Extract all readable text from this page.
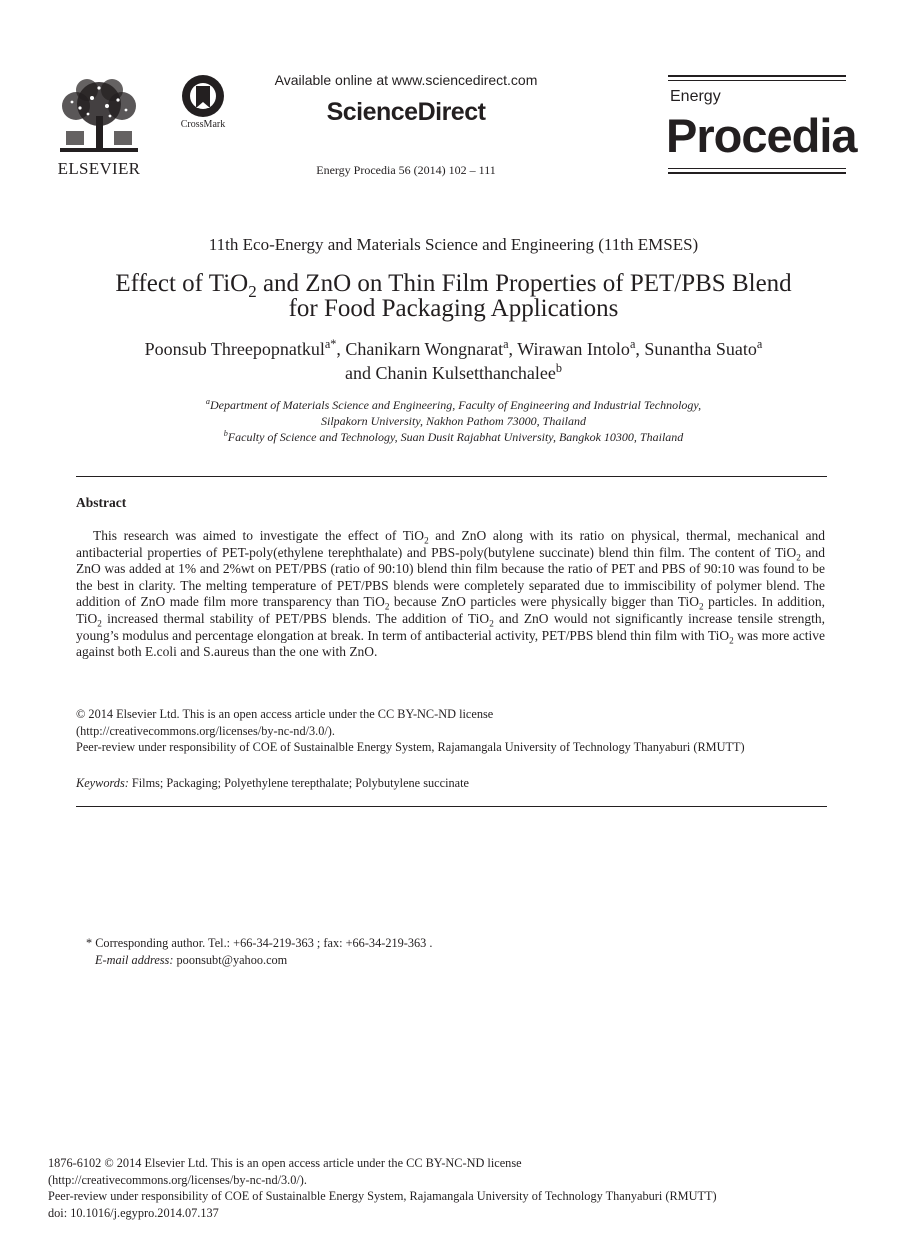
ELSEVIER
CrossMark
Available online at www.sciencedirect.com
ScienceDirect
Energy Procedia 56 (2014) 102 – 111
Energy
Procedia
11th Eco-Energy and Materials Science and Engineering (11th EMSES)
Effect of TiO$_2$ and ZnO on Thin Film Properties of PET/PBS Blend
for Food Packaging Applications
Poonsub Threepopnatkul$^{a*}$, Chanikarn Wongnarat$^a$, Wirawan Intolo$^a$, Sunantha Suato$^a$
and Chanin Kulsetthanchalee$^b$
$^a$Department of Materials Science and Engineering, Faculty of Engineering and Industrial Technology,
Silpakorn University, Nakhon Pathom 73000, Thailand
$^b$Faculty of Science and Technology, Suan Dusit Rajabhat University, Bangkok 10300, Thailand
Abstract
This research was aimed to investigate the effect of TiO$_2$ and ZnO along with its ratio on physical, thermal, mechanical and antibacterial properties of PET-poly(ethylene terephthalate) and PBS-poly(butylene succinate) blend thin film. The content of TiO$_2$ and ZnO was added at 1% and 2%wt on PET/PBS (ratio of 90:10) blend thin film because the ratio of PET and PBS of 90:10 was found to be the best in clarity. The melting temperature of PET/PBS blends were completely separated due to immiscibility of polymer blend. The addition of ZnO made film more transparency than TiO$_2$ because ZnO particles were physically bigger than TiO$_2$ particles. In addition, TiO$_2$ increased thermal stability of PET/PBS blends. The addition of TiO$_2$ and ZnO would not significantly increase tensile strength, young’s modulus and percentage elongation at break. In term of antibacterial activity, PET/PBS blend thin film with TiO$_2$ was more active against both E.coli and S.aureus than the one with ZnO.
© 2014 Elsevier Ltd. This is an open access article under the CC BY-NC-ND license
(http://creativecommons.org/licenses/by-nc-nd/3.0/).
Peer-review under responsibility of COE of Sustainalble Energy System, Rajamangala University of Technology Thanyaburi (RMUTT)
Keywords: Films; Packaging; Polyethylene terepthalate; Polybutylene succinate
* Corresponding author. Tel.: +66-34-219-363 ; fax: +66-34-219-363 .
E-mail address: poonsubt@yahoo.com
1876-6102 © 2014 Elsevier Ltd. This is an open access article under the CC BY-NC-ND license
(http://creativecommons.org/licenses/by-nc-nd/3.0/).
Peer-review under responsibility of COE of Sustainalble Energy System, Rajamangala University of Technology Thanyaburi (RMUTT)
doi: 10.1016/j.egypro.2014.07.137
